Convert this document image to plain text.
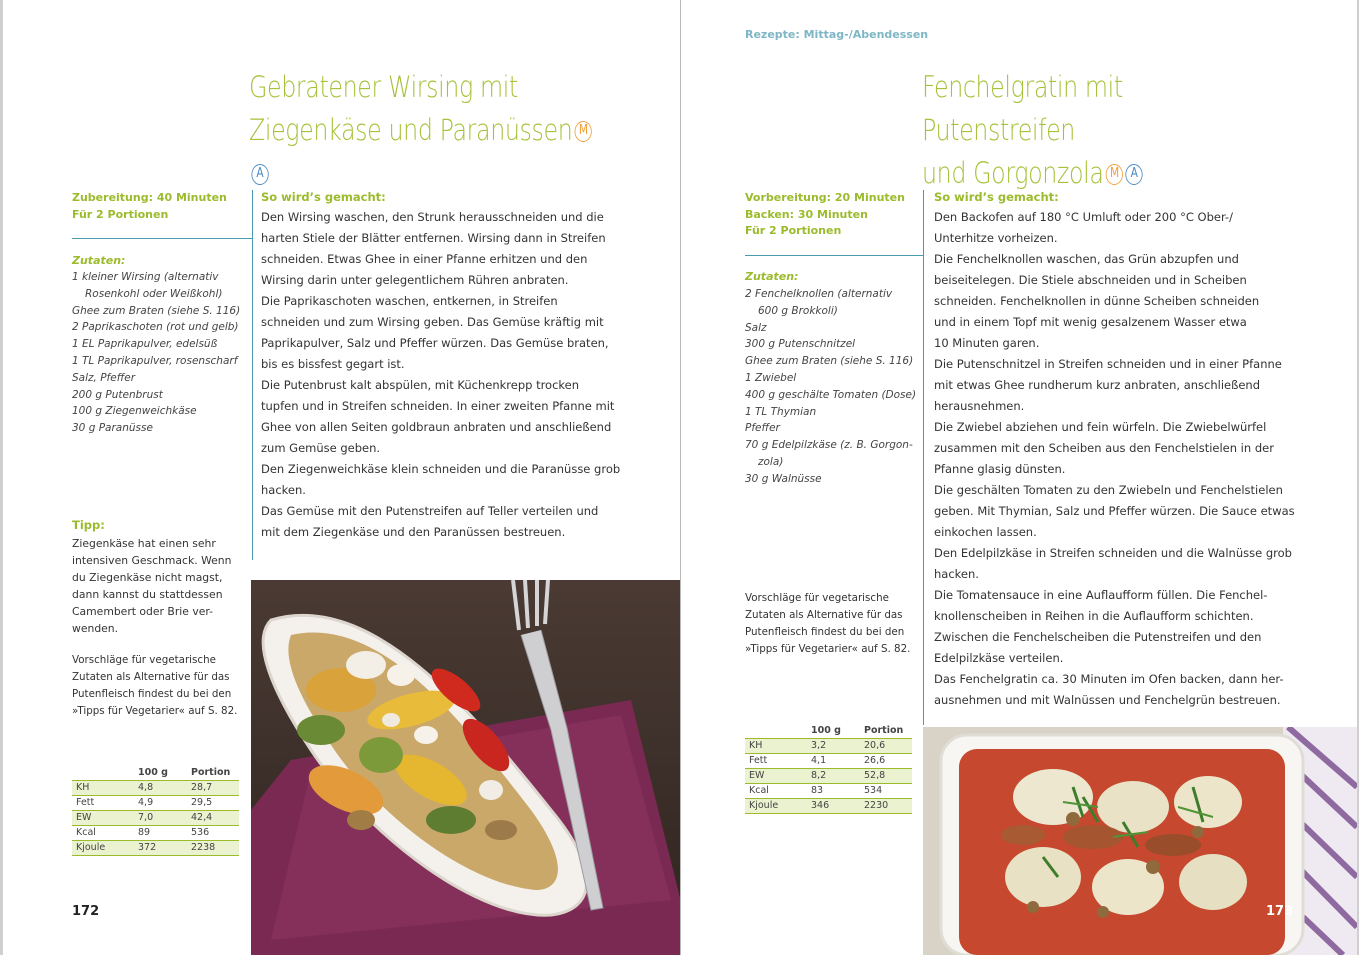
Gebratener Wirsing mit
Ziegenkäse und Paranüssen MA
Zubereitung: 40 Minuten
Für 2 Portionen
Zutaten:
1 kleiner Wirsing (alternativ
Rosenkohl oder Weißkohl)
Ghee zum Braten (siehe S. 116)
2 Paprikaschoten (rot und gelb)
1 EL Paprikapulver, edelsüß
1 TL Paprikapulver, rosenscharf
Salz, Pfeffer
200 g Putenbrust
100 g Ziegenweichkäse
30 g Paranüsse
So wird’s gemacht:
Den Wirsing waschen, den Strunk herausschneiden und die
harten Stiele der Blätter entfernen. Wirsing dann in Streifen
schneiden. Etwas Ghee in einer Pfanne erhitzen und den
Wirsing darin unter gelegentlichem Rühren anbraten.
Die Paprikaschoten waschen, entkernen, in Streifen
schneiden und zum Wirsing geben. Das Gemüse kräftig mit
Paprikapulver, Salz und Pfeffer würzen. Das Gemüse braten,
bis es bissfest gegart ist.
Die Putenbrust kalt abspülen, mit Küchenkrepp trocken
tupfen und in Streifen schneiden. In einer zweiten Pfanne mit
Ghee von allen Seiten goldbraun anbraten und anschließend
zum Gemüse geben.
Den Ziegenweichkäse klein schneiden und die Paranüsse grob
hacken.
Das Gemüse mit den Putenstreifen auf Teller verteilen und
mit dem Ziegenkäse und den Paranüssen bestreuen.
Tipp:
Ziegenkäse hat einen sehr
intensiven Geschmack. Wenn
du Ziegenkäse nicht magst,
dann kannst du stattdessen
Camembert oder Brie ver-
wenden.
Vorschläge für vegetarische
Zutaten als Alternative für das
Putenfleisch findest du bei den
»Tipps für Vegetarier« auf S. 82.
	100 g	Portion
KH	4,8	28,7
Fett	4,9	29,5
EW	7,0	42,4
Kcal	89	536
Kjoule	372	2238
172
Rezepte: Mittag-/Abendessen
Fenchelgratin mit Putenstreifen
und Gorgonzola M A
Vorbereitung: 20 Minuten
Backen: 30 Minuten
Für 2 Portionen
Zutaten:
2 Fenchelknollen (alternativ
600 g Brokkoli)
Salz
300 g Putenschnitzel
Ghee zum Braten (siehe S. 116)
1 Zwiebel
400 g geschälte Tomaten (Dose)
1 TL Thymian
Pfeffer
70 g Edelpilzkäse (z. B. Gorgon-
zola)
30 g Walnüsse
So wird’s gemacht:
Den Backofen auf 180 °C Umluft oder 200 °C Ober-/
Unterhitze vorheizen.
Die Fenchelknollen waschen, das Grün abzupfen und
beiseitelegen. Die Stiele abschneiden und in Scheiben
schneiden. Fenchelknollen in dünne Scheiben schneiden
und in einem Topf mit wenig gesalzenem Wasser etwa
10 Minuten garen.
Die Putenschnitzel in Streifen schneiden und in einer Pfanne
mit etwas Ghee rundherum kurz anbraten, anschließend
herausnehmen.
Die Zwiebel abziehen und fein würfeln. Die Zwiebelwürfel
zusammen mit den Scheiben aus den Fenchelstielen in der
Pfanne glasig dünsten.
Die geschälten Tomaten zu den Zwiebeln und Fenchelstielen
geben. Mit Thymian, Salz und Pfeffer würzen. Die Sauce etwas
einkochen lassen.
Den Edelpilzkäse in Streifen schneiden und die Walnüsse grob
hacken.
Die Tomatensauce in eine Auflaufform füllen. Die Fenchel-
knollenscheiben in Reihen in die Auflaufform schichten.
Zwischen die Fenchelscheiben die Putenstreifen und den
Edelpilzkäse verteilen.
Das Fenchelgratin ca. 30 Minuten im Ofen backen, dann her-
ausnehmen und mit Walnüssen und Fenchelgrün bestreuen.
Vorschläge für vegetarische
Zutaten als Alternative für das
Putenfleisch findest du bei den
»Tipps für Vegetarier« auf S. 82.
	100 g	Portion
KH	3,2	20,6
Fett	4,1	26,6
EW	8,2	52,8
Kcal	83	534
Kjoule	346	2230
173
